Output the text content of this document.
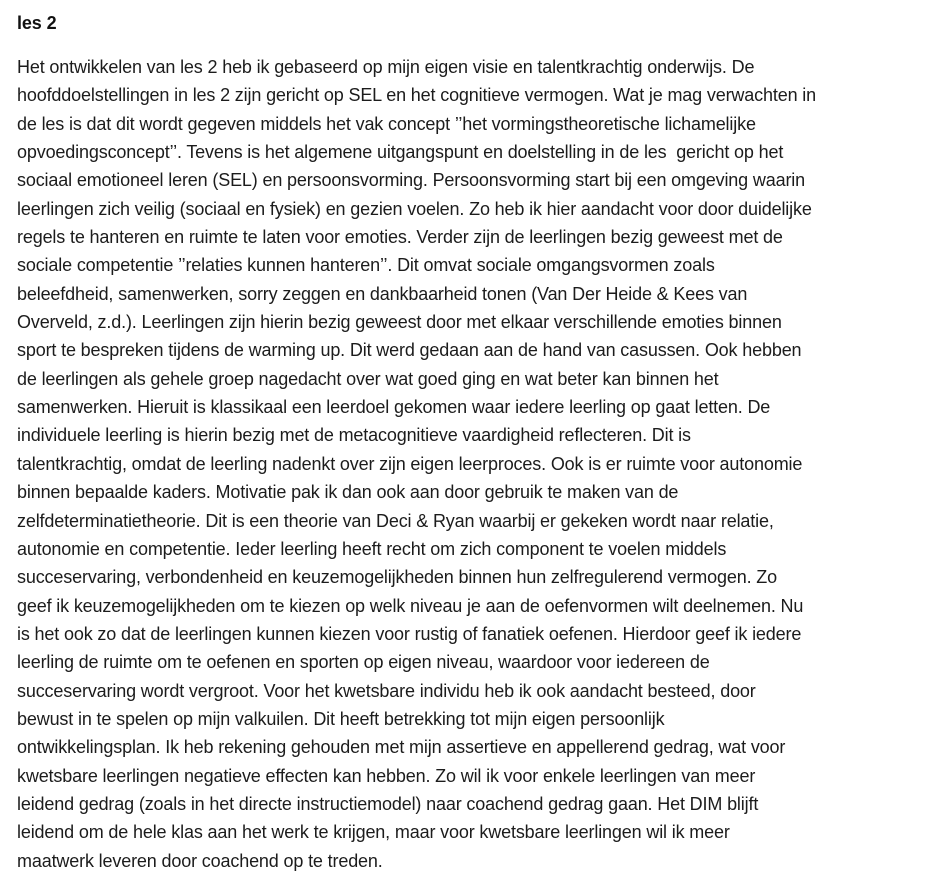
les 2
Het ontwikkelen van les 2 heb ik gebaseerd op mijn eigen visie en talentkrachtig onderwijs. De
hoofddoelstellingen in les 2 zijn gericht op SEL en het cognitieve vermogen. Wat je mag verwachten in
de les is dat dit wordt gegeven middels het vak concept ’’het vormingstheoretische lichamelijke
opvoedingsconcept’’. Tevens is het algemene uitgangspunt en doelstelling in de les  gericht op het
sociaal emotioneel leren (SEL) en persoonsvorming. Persoonsvorming start bij een omgeving waarin
leerlingen zich veilig (sociaal en fysiek) en gezien voelen. Zo heb ik hier aandacht voor door duidelijke
regels te hanteren en ruimte te laten voor emoties. Verder zijn de leerlingen bezig geweest met de
sociale competentie ’’relaties kunnen hanteren’’. Dit omvat sociale omgangsvormen zoals
beleefdheid, samenwerken, sorry zeggen en dankbaarheid tonen (Van Der Heide & Kees van
Overveld, z.d.). Leerlingen zijn hierin bezig geweest door met elkaar verschillende emoties binnen
sport te bespreken tijdens de warming up. Dit werd gedaan aan de hand van casussen. Ook hebben
de leerlingen als gehele groep nagedacht over wat goed ging en wat beter kan binnen het
samenwerken. Hieruit is klassikaal een leerdoel gekomen waar iedere leerling op gaat letten. De
individuele leerling is hierin bezig met de metacognitieve vaardigheid reflecteren. Dit is
talentkrachtig, omdat de leerling nadenkt over zijn eigen leerproces. Ook is er ruimte voor autonomie
binnen bepaalde kaders. Motivatie pak ik dan ook aan door gebruik te maken van de
zelfdeterminatietheorie. Dit is een theorie van Deci & Ryan waarbij er gekeken wordt naar relatie,
autonomie en competentie. Ieder leerling heeft recht om zich component te voelen middels
succeservaring, verbondenheid en keuzemogelijkheden binnen hun zelfregulerend vermogen. Zo
geef ik keuzemogelijkheden om te kiezen op welk niveau je aan de oefenvormen wilt deelnemen. Nu
is het ook zo dat de leerlingen kunnen kiezen voor rustig of fanatiek oefenen. Hierdoor geef ik iedere
leerling de ruimte om te oefenen en sporten op eigen niveau, waardoor voor iedereen de
succeservaring wordt vergroot. Voor het kwetsbare individu heb ik ook aandacht besteed, door
bewust in te spelen op mijn valkuilen. Dit heeft betrekking tot mijn eigen persoonlijk
ontwikkelingsplan. Ik heb rekening gehouden met mijn assertieve en appellerend gedrag, wat voor
kwetsbare leerlingen negatieve effecten kan hebben. Zo wil ik voor enkele leerlingen van meer
leidend gedrag (zoals in het directe instructiemodel) naar coachend gedrag gaan. Het DIM blijft
leidend om de hele klas aan het werk te krijgen, maar voor kwetsbare leerlingen wil ik meer
maatwerk leveren door coachend op te treden.
